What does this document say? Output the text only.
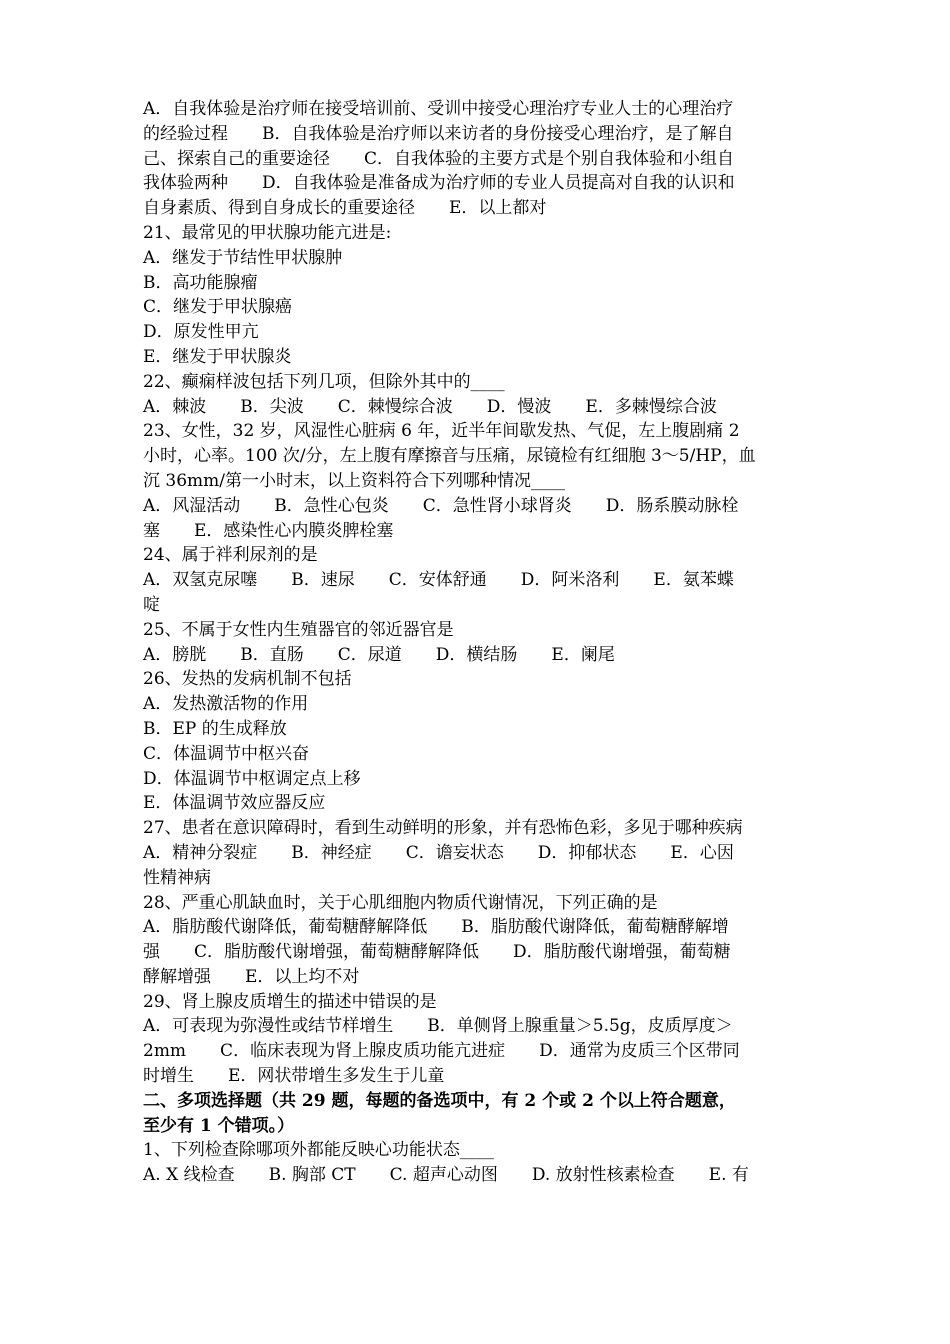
A．自我体验是治疗师在接受培训前、受训中接受心理治疗专业人士的心理治疗
的经验过程　　B．自我体验是治疗师以来访者的身份接受心理治疗，是了解自
己、探索自己的重要途径　　C．自我体验的主要方式是个别自我体验和小组自
我体验两种　　D．自我体验是准备成为治疗师的专业人员提高对自我的认识和
自身素质、得到自身成长的重要途径　　E．以上都对
21、最常见的甲状腺功能亢进是:
A．继发于节结性甲状腺肿
B．高功能腺瘤
C．继发于甲状腺癌
D．原发性甲亢
E．继发于甲状腺炎
22、癫痫样波包括下列几项，但除外其中的____
A．棘波　　B．尖波　　C．棘慢综合波　　D．慢波　　E．多棘慢综合波
23、女性，32 岁，风湿性心脏病 6 年，近半年间歇发热、气促，左上腹剧痛 2
小时，心率。100 次/分，左上腹有摩擦音与压痛，尿镜检有红细胞 3～5/HP，血
沉 36mm/第一小时末，以上资料符合下列哪种情况____
A．风湿活动　　B．急性心包炎　　C．急性肾小球肾炎　　D．肠系膜动脉栓
塞　　E．感染性心内膜炎脾栓塞
24、属于袢利尿剂的是
A．双氢克尿噻　　B．速尿　　C．安体舒通　　D．阿米洛利　　E．氨苯蝶
啶
25、不属于女性内生殖器官的邻近器官是
A．膀胱　　B．直肠　　C．尿道　　D．横结肠　　E．阑尾
26、发热的发病机制不包括
A．发热激活物的作用
B．EP 的生成释放
C．体温调节中枢兴奋
D．体温调节中枢调定点上移
E．体温调节效应器反应
27、患者在意识障碍时，看到生动鲜明的形象，并有恐怖色彩，多见于哪种疾病
A．精神分裂症　　B．神经症　　C．谵妄状态　　D．抑郁状态　　E．心因
性精神病
28、严重心肌缺血时，关于心肌细胞内物质代谢情况，下列正确的是
A．脂肪酸代谢降低，葡萄糖酵解降低　　B．脂肪酸代谢降低，葡萄糖酵解增
强　　C．脂肪酸代谢增强，葡萄糖酵解降低　　D．脂肪酸代谢增强，葡萄糖
酵解增强　　E．以上均不对
29、肾上腺皮质增生的描述中错误的是
A．可表现为弥漫性或结节样增生　　B．单侧肾上腺重量＞5.5g，皮质厚度＞
2mm　　C．临床表现为肾上腺皮质功能亢进症　　D．通常为皮质三个区带同
时增生　　E．网状带增生多发生于儿童
二、多项选择题（共 29 题，每题的备选项中，有 2 个或 2 个以上符合题意，
至少有 1 个错项。）
1、下列检查除哪项外都能反映心功能状态____
A. X 线检查　　B. 胸部 CT　　C. 超声心动图　　D. 放射性核素检查　　E. 有
